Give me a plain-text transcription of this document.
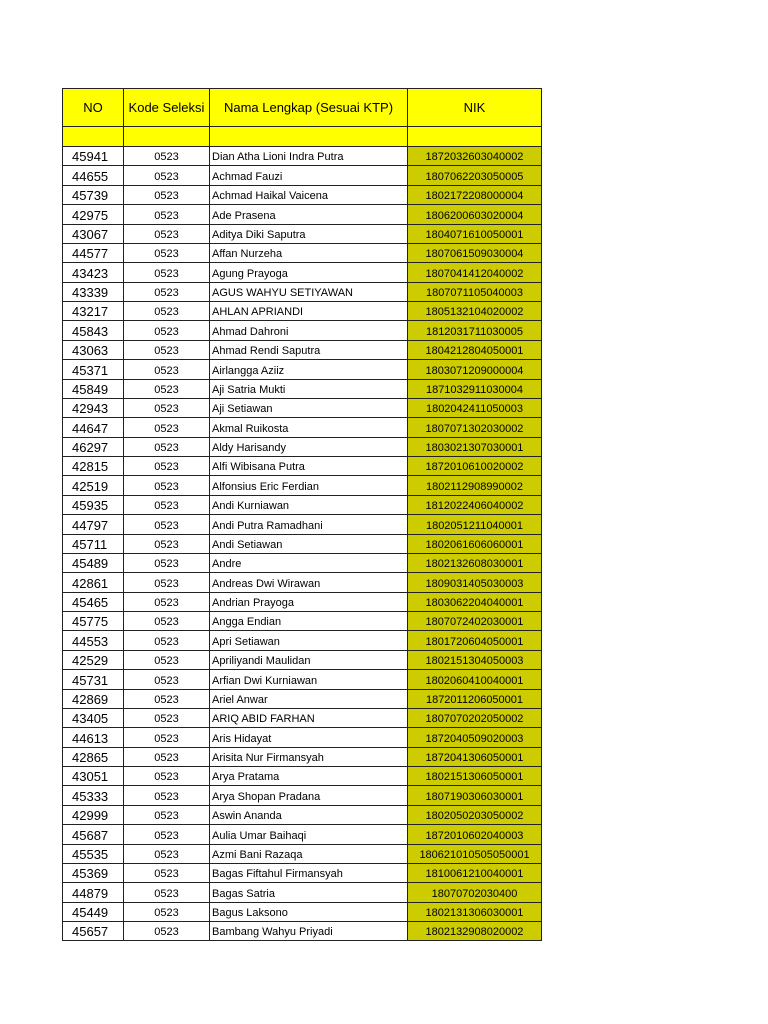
NO	Kode Seleksi	Nama Lengkap (Sesuai KTP)	NIK

45941	0523	Dian Atha Lioni Indra Putra	1872032603040002
44655	0523	Achmad Fauzi	1807062203050005
45739	0523	Achmad Haikal Vaicena	1802172208000004
42975	0523	Ade Prasena	1806200603020004
43067	0523	Aditya Diki Saputra	1804071610050001
44577	0523	Affan Nurzeha	1807061509030004
43423	0523	Agung Prayoga	1807041412040002
43339	0523	AGUS WAHYU SETIYAWAN	1807071105040003
43217	0523	AHLAN APRIANDI	1805132104020002
45843	0523	Ahmad Dahroni	1812031711030005
43063	0523	Ahmad Rendi Saputra	1804212804050001
45371	0523	Airlangga Aziiz	1803071209000004
45849	0523	Aji Satria Mukti	1871032911030004
42943	0523	Aji Setiawan	1802042411050003
44647	0523	Akmal Ruikosta	1807071302030002
46297	0523	Aldy Harisandy	1803021307030001
42815	0523	Alfi Wibisana Putra	1872010610020002
42519	0523	Alfonsius Eric Ferdian	1802112908990002
45935	0523	Andi Kurniawan	1812022406040002
44797	0523	Andi Putra Ramadhani	1802051211040001
45711	0523	Andi Setiawan	1802061606060001
45489	0523	Andre	1802132608030001
42861	0523	Andreas Dwi Wirawan	1809031405030003
45465	0523	Andrian Prayoga	1803062204040001
45775	0523	Angga Endian	1807072402030001
44553	0523	Apri Setiawan	1801720604050001
42529	0523	Apriliyandi Maulidan	1802151304050003
45731	0523	Arfian Dwi Kurniawan	1802060410040001
42869	0523	Ariel Anwar	1872011206050001
43405	0523	ARIQ ABID FARHAN	1807070202050002
44613	0523	Aris Hidayat	1872040509020003
42865	0523	Arisita Nur Firmansyah	1872041306050001
43051	0523	Arya Pratama	1802151306050001
45333	0523	Arya Shopan Pradana	1807190306030001
42999	0523	Aswin Ananda	1802050203050002
45687	0523	Aulia Umar Baihaqi	1872010602040003
45535	0523	Azmi Bani Razaqa	180621010505050001
45369	0523	Bagas Fiftahul Firmansyah	1810061210040001
44879	0523	Bagas Satria	18070702030400
45449	0523	Bagus Laksono	1802131306030001
45657	0523	Bambang Wahyu Priyadi	1802132908020002
